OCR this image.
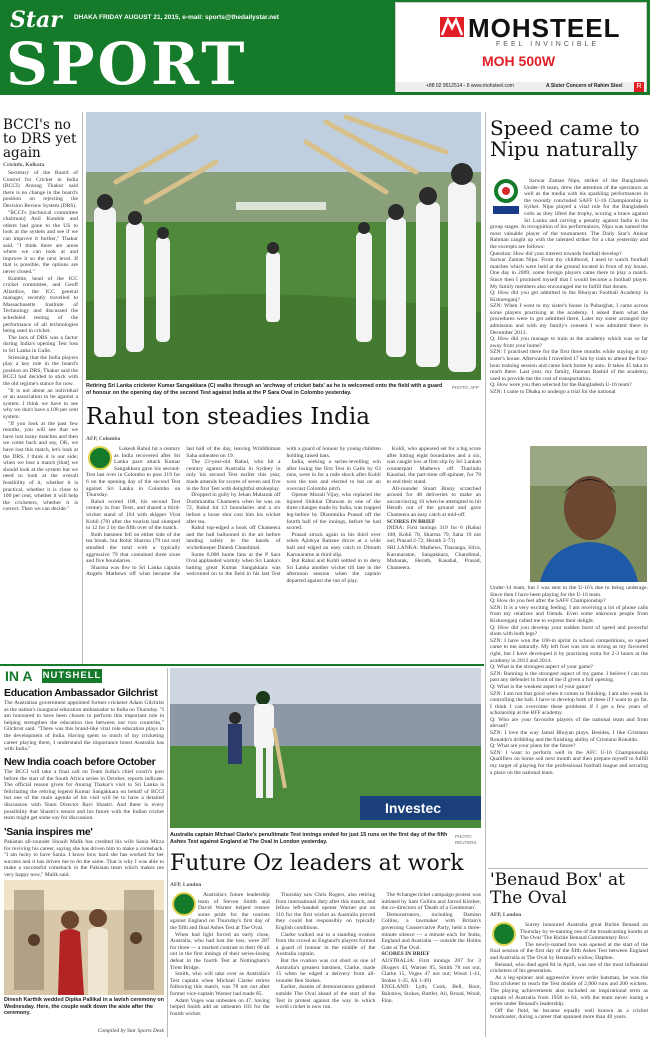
Star
SPORT
DHAKA FRIDAY AUGUST 21, 2015, e-mail: sports@thedailystar.net	MOHSTEEL
FEEL INVINCIBLE
MOH 500W
+88 02 9512514 - 6 www.mohsteel.com	A Sister Concern of Rahim Steel	R
BCCI's no to DRS yet again
Cricinfo, Kolkata

Secretary of the Board of Control for Cricket in India (BCCI) Anurag Thakur said there is no change in the board's position on rejecting the Decision Review System (DRS).

"BCCI's [technical committee chairman] Anil Kumble and others had gone to the US to look at the system and see if we can improve it further," Thakur said. "I think there are areas where we can look at and improve it so the next level. If that is possible, the options are never closed."

Kumble, head of the ICC cricket committee, and Geoff Allardice, the ICC general manager, recently travelled to Massachusetts Institute of Technology and discussed the scheduled testing of the performance of all technologies being used in cricket.

The lack of DRS was a factor during India's opening Test loss to Sri Lanka in Galle.

Stressing that the India players play a key role in the board's position on DRS, Thakur said the BCCI had decided to stick with the old regime's stance for now.

"It is not about an individual or an association to be against a system. I think we have to see why we don't have a 100 per cent system.

"If you look at the past few months, you will see that we have lost many matches and then we come back and say, OK, we have lost this match, let's look at the DRS. I think it is our side; when we lose a match [that] we should look at the system but we need to look at the overall feasibility of it, whether it is practical, whether it is close to 100 per cent, whether it will help the cricketers, whether it is correct. Then we can decide."

Retiring Sri Lanka cricketer Kumar Sangakkara (C) walks through an 'archway of cricket bats' as he is welcomed onto the field with a guard of honour on the opening day of the second Test against India at the P Sara Oval in Colombo yesterday.
PHOTO: AFP
Rahul ton steadies India
AFP, Colombo

Lokesh Rahul hit a century as India recovered after Sri Lanka pace attack Kumar Sangakkara gave his second-Test last over in Colombo to post 319 for 6 on the opening day of the second Test against Sri Lanka in Colombo on Thursday.

Rahul scored 108, his second Test century in four Tests, and shared a third-wicket stand of 164 with skipper Virat Kohli (78) after the tourists had slumped to 12 for 2 by the fifth over of the match.

Both batsmen fell on either side of the tea break, but Rohit Sharma (79 not out) steadied the total with a typically aggressive 79 that contained three sixes and five boundaries.

Sharma was lbw to Sri Lanka captain Angelo Mathews off what became the last ball of the day, leaving Wriddhiman Saha unbeaten on 19.

The 23-year-old Rahul, who hit a century against Australia in Sydney in only his second Test earlier this year, made amends for scores of seven and five in the first Test with delightful strokeplay.

Dropped in gully by Jehan Mubarak off Dushmantha Chameera when he was on 72, Rahul hit 13 boundaries and a six before a loose shot cost him his wicket after tea.

Rahul top-edged a hook off Chameera and the ball ballooned in the air before landing safely in the hands of wicketkeeper Dinesh Chandimal.

Some 6,000 home fans at the P Sara Oval applauded warmly when Sri Lanka's batting great Kumar Sangakkara was welcomed on to the field in his last Test with a guard of honour by young children holding raised bats.

India, seeking a series-levelling win after losing the first Test in Galle by 63 runs, were in for a rude shock after Kohli won the toss and elected to bat on an overcast Colombo pitch.

Opener Murali Vijay, who replaced the injured Shikhar Dhawan in one of the three changes made by India, was trapped leg-before by Dhammika Prasad off the fourth ball of the innings, before he had scored.

Prasad struck again in his third over when Ajinkya Rahane drove at a wide ball and edged an easy catch to Dimuth Karunaratne at third slip.

But Rahul and Kohli settled in to deny Sri Lanka another wicket till late in the afternoon session when the captain departed against the run of play.

Kohli, who appeared set for a big score after hitting eight boundaries and a six, was caught low at first slip by Sri Lankan counterpart Mathews off Tharindu Kaushal, the part-time off-spinner, for 78 to end their stand.

All-rounder Stuart Binny scratched around for 48 deliveries to make an unconvincing 10 when he attempted to hit Herath out of the ground and gave Chameera an easy catch at mid-off.

SCORES IN BRIEF
INDIA: First innings 319 for 6 (Rahul 108, Kohli 78, Sharma 79, Saha 19 not out; Prasad 2-72, Herath 2-73)
SRI LANKA: Mathews, Tharanga, Silva, Karunaratne, Sangakkara, Chandimal, Mubarak, Herath, Kaushal, Prasad, Chameera.
Speed came to Nipu naturally

Sarwar Zaman Nipu, striker of the Bangladesh Under-16 team, drew the attention of the spectators as well as the media with his sparkling performances in the recently concluded SAFF U-16 Championship in Sylhet. Nipu played a vital role for the Bangladesh colts as they lifted the trophy, scoring a brace against Sri Lanka and carving a penalty against India in the group stages. In recognition of his performances, Nipu was named the most valuable player of the tournament. The Daily Star's Anisur Rahman caught up with the talented striker for a chat yesterday and the excerpts are follows:

Question: How did your interest towards football develop?
Sarwar Zaman Nipu: From my childhood, I used to watch football matches which were held at the ground located in front of my house. One day in 2009, some foreign players came there to play a match. Since then I promised myself that I would become a football player. My family members also encouraged me to fulfill that dream.
Q: How did you get admitted to the Bhuiyan Football Academy in Kishoreganj?
SZN: When I went to my sister's house in Pubarghat, I came across some players practising at the academy. I asked them what the procedures were to get admitted there. Later my sister arranged my admission and with my family's consent I was admitted there in December 2013.
Q: How did you manage to train at the academy which was so far away from your home?
SZN: I practised there for the first three months while staying at my sister's house. Afterwards I travelled 17 km by train to attend the four-hour training session and came back home by auto. It takes 45 taka to reach there. Last year, my family, Hannan Rashid of the academy, used to provide me the cost of transportation.
Q: How were you then selected for the Bangladesh U-16 team?
SZN: I came to Dhaka to undergo a trial for the national
Under-14 team, but I was sent to the U-16's due to being underage. Since then I have been playing for the U-16 team.
Q: How do you feel after the SAFF Championship?
SZN: It is a very exciting feeling. I am receiving a lot of phone calls from my relatives and friends. Even some unknown people from Kishoreganj called me to express their delight.
Q: How did you develop your sudden burst of speed and powerful shots with both legs?
SZN: I have won the 100-m sprint in school competitions, so speed came to me naturally. My left foot was not as strong as my favoured right, but I have developed it by practising extra for 2-3 hours at the academy in 2013 and 2014.
Q: What is the strongest aspect of your game?
SZN: Running is the strongest aspect of my game. I believe I can run past any defender in front of me if given a full opening.
Q: What is the weakest aspect of your game?
SZN: I am not that good when it comes to finishing. I am also weak in controlling the ball. I have to develop both of these if I want to go far. I think I can overcome these problems if I get a few years of scholarship at the BFF academy.
Q: Who are your favourite players of the national team and from abroad?
SZN: I love the way Jamal Bhuyan plays. Besides, I like Cristiano Ronaldo's dribbling and the finishing ability of Cristiano Ronaldo.
Q: What are your plans for the future?
SZN: I want to perform well in the AFC U-16 Championship Qualifiers on home soil next month and then prepare myself to fulfill my target of playing for the professional football league and securing a place on the national team.
'Benaud Box' at The Oval
AFP, London

Surrey honoured Australia great Richie Benaud on Thursday by re-naming one of the broadcasting booths at The Oval 'The Richie Benaud Commentary Box'.

The newly-named box was opened at the start of the final session of the first day of the fifth Ashes Test between England and Australia at The Oval by Benaud's widow, Daphne.

Benaud, who died aged 84 in April, was one of the most influential cricketers of his generation.

As a leg-spinner and aggressive lower order batsman, he was the first cricketer to reach the Test double of 2,000 runs and 200 wickets. The playing achievements also included an inspirational term as captain of Australia from 1958 to 64, with the team never losing a series under Benaud's leadership.

Off the field, he became equally well known as a cricket broadcaster, during a career that spanned more than 40 years.

IN A	NUTSHELL
Education Ambassador Gilchrist
The Australian government appointed former cricketer Adam Gilchrist as the nation's inaugural education ambassador to India on Thursday. "I am honoured to have been chosen to perform this important role in helping strengthen the education ties between our two countries," Gilchrist said. "There was this brand-like vital role education plays in the development of India. Having spent so much of my cricketing career playing there, I understand the importance boost Australia has with India."
New India coach before October
The BCCI will take a final call on Team India's chief coach's post before the start of the South Africa series in October, reports indicate. The official reason given for Anurag Thakur's visit to Sri Lanka is felicitating the retiring legend Kumar Sangakkara on behalf of BCCI but one of the main agenda of his visit will be to have a detailed discussion with Team Director Ravi Shastri. And there is every possibility that Shastri's tenure and his future with the Indian cricket team might get some say for discussion.
'Sania inspires me'
Pakistan all-rounder Shoaib Malik has credited his wife Sania Mirza for reviving his career, saying she has driven him to make a comeback. "I am lucky to have Sania. I know how hard she has worked for her success and it has driven me to do the same. That is why I was able to make a successful comeback in the Pakistan team which makes me very happy now," Malik said.
Dinesh Karthik wedded Dipika Pallikal in a lavish ceremony on Wednesday. Here, the couple walk down the aisle after the ceremony.
Compiled by Star Sports Desk
Investec
Australia captain Michael Clarke's penultimate Test innings ended for just 15 runs on the first day of the fifth Ashes Test against England at The Oval in London yesterday.
PHOTO: REUTERS
Future Oz leaders at work
AFP, London

Australia's future leadership team of Steven Smith and David Warner helped restore some pride for the tourists against England on Thursday's first day of the fifth and final Ashes Test at The Oval.

When bad light forced an early close, Australia, who had lost the toss, were 287 for three — a marked contrast to their 60 all out in the first innings of their series-losing defeat in the fourth Test at Nottingham's Trent Bridge.

Smith, who will take over as Australia's Test captain when Michael Clarke retires following this match, was 78 not out after former vice-captain Warner had made 85.

Adam Voges was unbeaten on 47, having helped Smith add an unbeaten 103 for the fourth wicket.

Thursday saw Chris Rogers, also retiring from international duty after this match, and fellow left-handed opener Warner put on 110 for the first wicket as Australia proved they could bat responsibly on typically English conditions.

Clarke walked out to a standing ovation from the crowd as England's players formed a guard of honour in the middle of the Australia captain.

But the ovation was cut short as one of Australia's greatest batsmen, Clarke, made 15 when he edged a delivery from all-rounder Ben Stokes.

Earlier, dozens of demonstrators gathered outside The Oval ahead of the start of the Test in protest against the way in which world cricket is now run.

The #changecricket campaign protest was initiated by Sam Collins and Jarrod Kimber, the co-directors of 'Death of a Gentleman'.

Demonstrators, including Damien Collins, a lawmaker with Britain's governing Conservative Party, held a three-minute silence — a minute each for India, England and Australia — outside the Hobbs Gate at The Oval.

SCORES IN BRIEF
AUSTRALIA: First innings 287 for 3 (Rogers 43, Warner 85, Smith 78 not out, Clarke 15, Voges 47 not out; Wood 1-41, Stokes 1-35, Ali 1-49)
ENGLAND: Lyth, Cook, Bell, Root, Bairstow, Stokes, Buttler, Ali, Broad, Wood, Finn.
